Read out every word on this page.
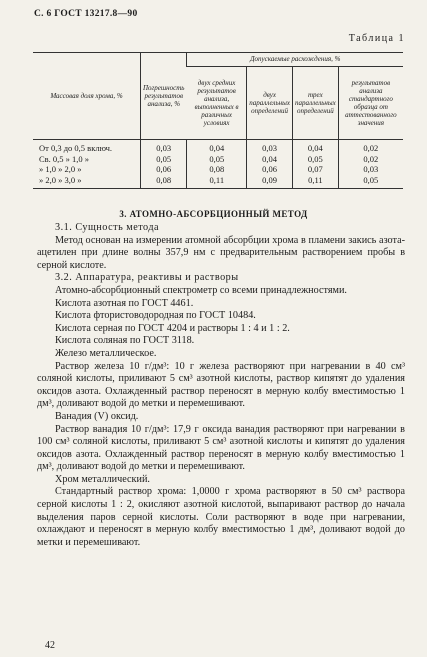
С. 6 ГОСТ 13217.8—90
Таблица 1
Массовая доля хрома, %	Погрешность результатов анализа, %	Допускаемые расхождения, %			
		двух средних результатов анализа, выполненных в различных условиях	двух параллельных определений	трех параллельных определений	результатов анализа стандартного образца от аттестованного значения
От 0,3 до 0,5 включ.	0,03	0,04	0,03	0,04	0,02
Св. 0,5 » 1,0 »	0,05	0,05	0,04	0,05	0,02
» 1,0 » 2,0 »	0,06	0,08	0,06	0,07	0,03
» 2,0 » 3,0 »	0,08	0,11	0,09	0,11	0,05
3. АТОМНО-АБСОРБЦИОННЫЙ МЕТОД

3.1. Сущность метода

Метод основан на измерении атомной абсорбции хрома в пламени закись азота-ацетилен при длине волны 357,9 нм с предварительным растворением пробы в серной кислоте.

3.2. Аппаратура, реактивы и растворы

Атомно-абсорбционный спектрометр со всеми принадлежностями.

Кислота азотная по ГОСТ 4461.

Кислота фтористоводородная по ГОСТ 10484.

Кислота серная по ГОСТ 4204 и растворы 1 : 4 и 1 : 2.

Кислота соляная по ГОСТ 3118.

Железо металлическое.

Раствор железа 10 г/дм³: 10 г железа растворяют при нагревании в 40 см³ соляной кислоты, приливают 5 см³ азотной кислоты, раствор кипятят до удаления оксидов азота. Охлажденный раствор переносят в мерную колбу вместимостью 1 дм³, доливают водой до метки и перемешивают.

Ванадия (V) оксид.

Раствор ванадия 10 г/дм³: 17,9 г оксида ванадия растворяют при нагревании в 100 см³ соляной кислоты, приливают 5 см³ азотной кислоты и кипятят до удаления оксидов азота. Охлажденный раствор переносят в мерную колбу вместимостью 1 дм³, доливают водой до метки и перемешивают.

Хром металлический.

Стандартный раствор хрома: 1,0000 г хрома растворяют в 50 см³ раствора серной кислоты 1 : 2, окисляют азотной кислотой, выпаривают раствор до начала выделения паров серной кислоты. Соли растворяют в воде при нагревании, охлаждают и переносят в мерную колбу вместимостью 1 дм³, доливают водой до метки и перемешивают.

42
